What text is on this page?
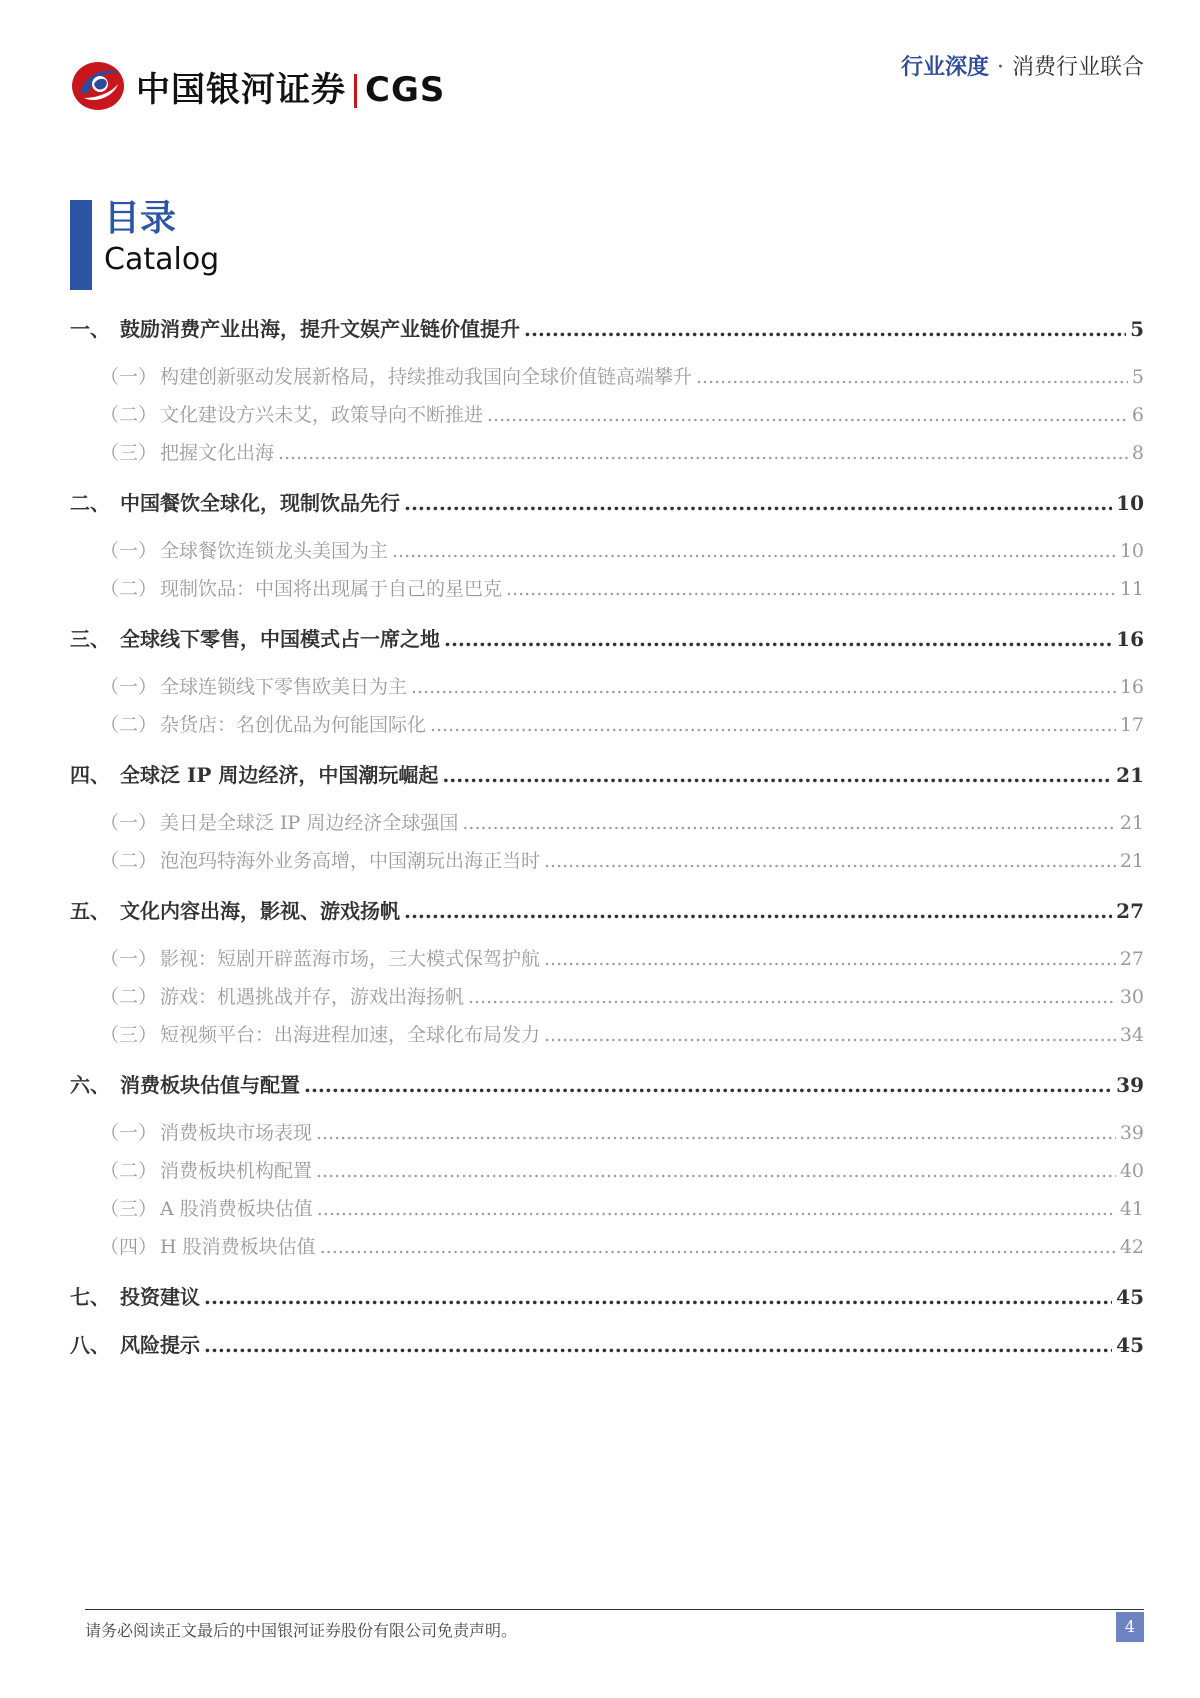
中国银河证券 CGS
行业深度 · 消费行业联合
目录
Catalog
一、 鼓励消费产业出海，提升文娱产业链价值提升 .....	5
（一） 构建创新驱动发展新格局，持续推动我国向全球价值链高端攀升 .....	5
（二） 文化建设方兴未艾，政策导向不断推进 .....	6
（三） 把握文化出海 .....	8
二、 中国餐饮全球化，现制饮品先行 .....	10
（一） 全球餐饮连锁龙头美国为主 .....	10
（二） 现制饮品：中国将出现属于自己的星巴克 .....	11
三、 全球线下零售，中国模式占一席之地 .....	16
（一） 全球连锁线下零售欧美日为主 .....	16
（二） 杂货店：名创优品为何能国际化 .....	17
四、 全球泛 IP 周边经济，中国潮玩崛起 .....	21
（一） 美日是全球泛 IP 周边经济全球强国 .....	21
（二） 泡泡玛特海外业务高增，中国潮玩出海正当时 .....	21
五、 文化内容出海，影视、游戏扬帆 .....	27
（一） 影视：短剧开辟蓝海市场，三大模式保驾护航 .....	27
（二） 游戏：机遇挑战并存，游戏出海扬帆 .....	30
（三） 短视频平台：出海进程加速，全球化布局发力 .....	34
六、 消费板块估值与配置 .....	39
（一） 消费板块市场表现 .....	39
（二） 消费板块机构配置 .....	40
（三） A 股消费板块估值 .....	41
（四） H 股消费板块估值 .....	42
七、 投资建议 .....	45
八、 风险提示 .....	45
请务必阅读正文最后的中国银河证券股份有限公司免责声明。	4
